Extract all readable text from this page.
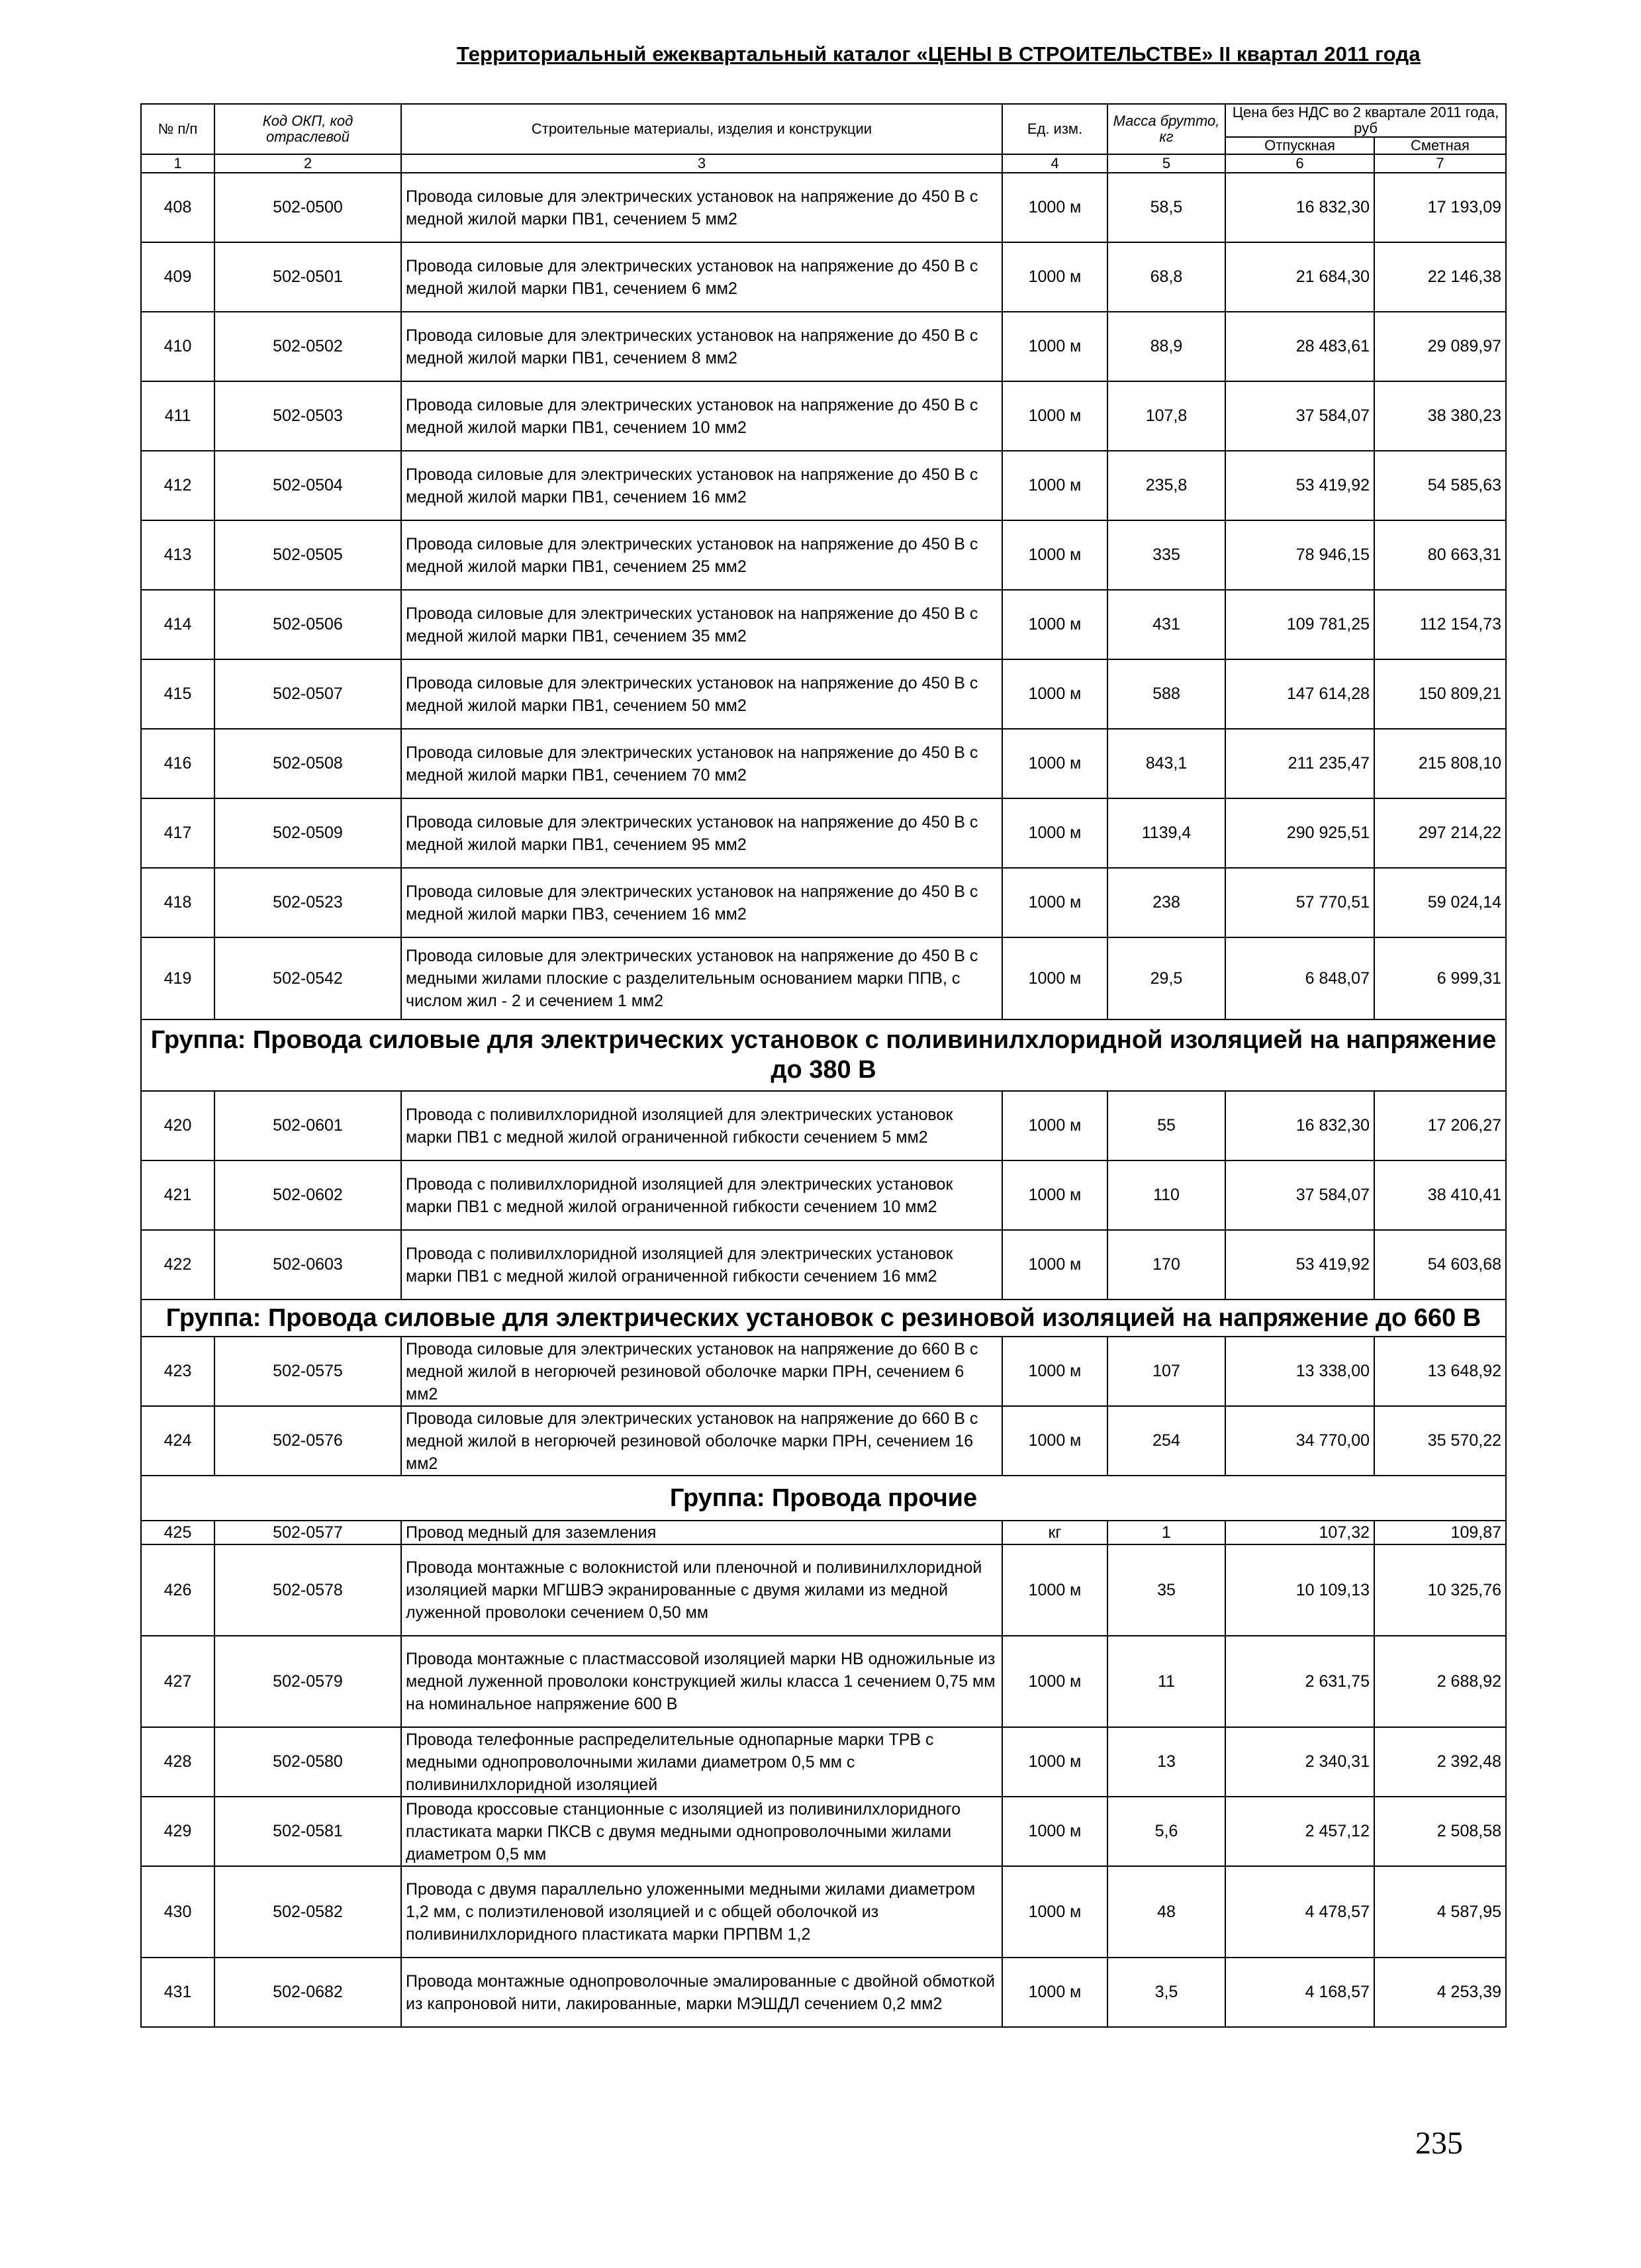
Территориальный ежеквартальный каталог «ЦЕНЫ В СТРОИТЕЛЬСТВЕ» II квартал 2011 года
№ п/п	Код ОКП, код отраслевой	Строительные материалы, изделия и конструкции	Ед. изм.	Масса брутто, кг	Цена без НДС во 2 квартале 2011 года, руб	
					Отпускная	Сметная
1	2	3	4	5	6	7
408	502-0500	Провода силовые для электрических установок на напряжение до 450 В с медной жилой марки ПВ1, сечением 5 мм2	1000 м	58,5	16 832,30	17 193,09
409	502-0501	Провода силовые для электрических установок на напряжение до 450 В с медной жилой марки ПВ1, сечением 6 мм2	1000 м	68,8	21 684,30	22 146,38
410	502-0502	Провода силовые для электрических установок на напряжение до 450 В с медной жилой марки ПВ1, сечением 8 мм2	1000 м	88,9	28 483,61	29 089,97
411	502-0503	Провода силовые для электрических установок на напряжение до 450 В с медной жилой марки ПВ1, сечением 10 мм2	1000 м	107,8	37 584,07	38 380,23
412	502-0504	Провода силовые для электрических установок на напряжение до 450 В с медной жилой марки ПВ1, сечением 16 мм2	1000 м	235,8	53 419,92	54 585,63
413	502-0505	Провода силовые для электрических установок на напряжение до 450 В с медной жилой марки ПВ1, сечением 25 мм2	1000 м	335	78 946,15	80 663,31
414	502-0506	Провода силовые для электрических установок на напряжение до 450 В с медной жилой марки ПВ1, сечением 35 мм2	1000 м	431	109 781,25	112 154,73
415	502-0507	Провода силовые для электрических установок на напряжение до 450 В с медной жилой марки ПВ1, сечением 50 мм2	1000 м	588	147 614,28	150 809,21
416	502-0508	Провода силовые для электрических установок на напряжение до 450 В с медной жилой марки ПВ1, сечением 70 мм2	1000 м	843,1	211 235,47	215 808,10
417	502-0509	Провода силовые для электрических установок на напряжение до 450 В с медной жилой марки ПВ1, сечением 95 мм2	1000 м	1139,4	290 925,51	297 214,22
418	502-0523	Провода силовые для электрических установок на напряжение до 450 В с медной жилой марки ПВ3, сечением 16 мм2	1000 м	238	57 770,51	59 024,14
419	502-0542	Провода силовые для электрических установок на напряжение до 450 В с медными жилами плоские с разделительным основанием марки ППВ, с числом жил - 2 и сечением 1 мм2	1000 м	29,5	6 848,07	6 999,31
Группа: Провода силовые для электрических установок с поливинилхлоридной изоляцией на напряжение до 380 В						
420	502-0601	Провода с поливилхлоридной изоляцией для электрических установок марки ПВ1 с медной жилой ограниченной гибкости сечением 5 мм2	1000 м	55	16 832,30	17 206,27
421	502-0602	Провода с поливилхлоридной изоляцией для электрических установок марки ПВ1 с медной жилой ограниченной гибкости сечением 10 мм2	1000 м	110	37 584,07	38 410,41
422	502-0603	Провода с поливилхлоридной изоляцией для электрических установок марки ПВ1 с медной жилой ограниченной гибкости сечением 16 мм2	1000 м	170	53 419,92	54 603,68
Группа: Провода силовые для электрических установок с резиновой изоляцией на напряжение до 660 В						
423	502-0575	Провода силовые для электрических установок на напряжение до 660 В с медной жилой в негорючей резиновой оболочке марки ПРН, сечением 6 мм2	1000 м	107	13 338,00	13 648,92
424	502-0576	Провода силовые для электрических установок на напряжение до 660 В с медной жилой в негорючей резиновой оболочке марки ПРН, сечением 16 мм2	1000 м	254	34 770,00	35 570,22
Группа: Провода прочие						
425	502-0577	Провод медный для заземления	кг	1	107,32	109,87
426	502-0578	Провода монтажные с волокнистой или пленочной и поливинилхлоридной изоляцией марки МГШВЭ экранированные с двумя жилами из медной луженной проволоки сечением 0,50 мм	1000 м	35	10 109,13	10 325,76
427	502-0579	Провода монтажные с пластмассовой изоляцией марки НВ одножильные из медной луженной проволоки конструкцией жилы класса 1 сечением 0,75 мм на номинальное напряжение 600 В	1000 м	11	2 631,75	2 688,92
428	502-0580	Провода телефонные распределительные однопарные марки ТРВ с медными однопроволочными жилами диаметром 0,5 мм с поливинилхлоридной изоляцией	1000 м	13	2 340,31	2 392,48
429	502-0581	Провода кроссовые станционные с изоляцией из поливинилхлоридного пластиката марки ПКСВ с двумя медными однопроволочными жилами диаметром 0,5 мм	1000 м	5,6	2 457,12	2 508,58
430	502-0582	Провода с двумя параллельно уложенными медными жилами диаметром 1,2 мм, с полиэтиленовой изоляцией и с общей оболочкой из поливинилхлоридного пластиката марки ПРПВМ 1,2	1000 м	48	4 478,57	4 587,95
431	502-0682	Провода монтажные однопроволочные эмалированные с двойной обмоткой из капроновой нити, лакированные, марки МЭШДЛ сечением 0,2 мм2	1000 м	3,5	4 168,57	4 253,39
235
